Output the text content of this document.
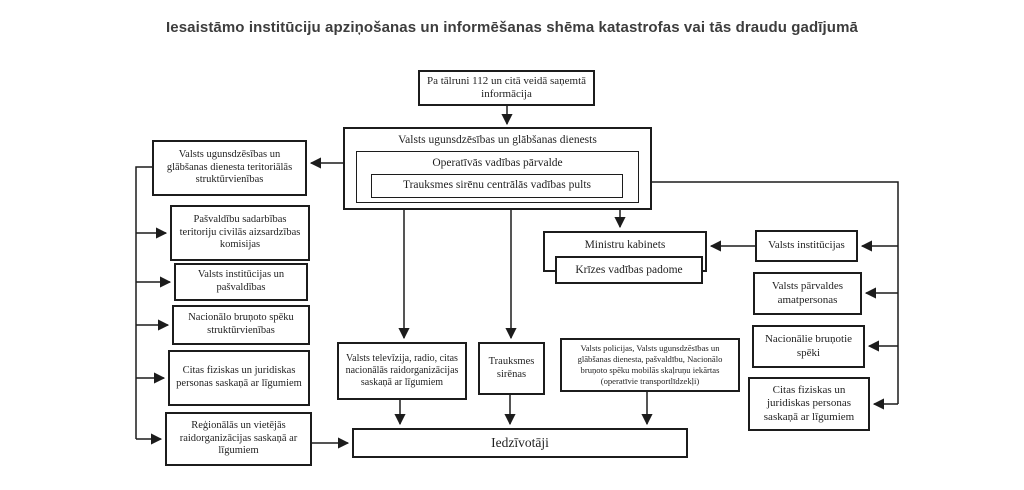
Iesaistāmo institūciju apziņošanas un informēšanas shēma katastrofas vai tās draudu gadījumā
Pa tālruni 112 un citā veidā saņemtā informācija
Valsts ugunsdzēsības un glābšanas dienests
Operatīvās vadības pārvalde
Trauksmes sirēnu centrālās vadības pults
Ministru kabinets
Krīzes vadības padome
Valsts ugunsdzēsības un glābšanas dienesta teritoriālās struktūrvienības
Pašvaldību sadarbības teritoriju civilās aizsardzības komisijas
Valsts institūcijas un pašvaldības
Nacionālo bruņoto spēku struktūrvienības
Citas fiziskas un juridiskas personas saskaņā ar līgumiem
Reģionālās un vietējās raidorganizācijas saskaņā ar līgumiem
Valsts institūcijas
Valsts pārvaldes amatpersonas
Nacionālie bruņotie spēki
Citas fiziskas un juridiskas personas saskaņā ar līgumiem
Valsts televīzija, radio, citas nacionālās raidorganizācijas saskaņā ar līgumiem
Trauksmes sirēnas
Valsts policijas, Valsts ugunsdzēsības un glābšanas dienesta, pašvaldību, Nacionālo bruņoto spēku mobilās skaļruņu iekārtas (operatīvie transportlīdzekļi)
Iedzīvotāji
